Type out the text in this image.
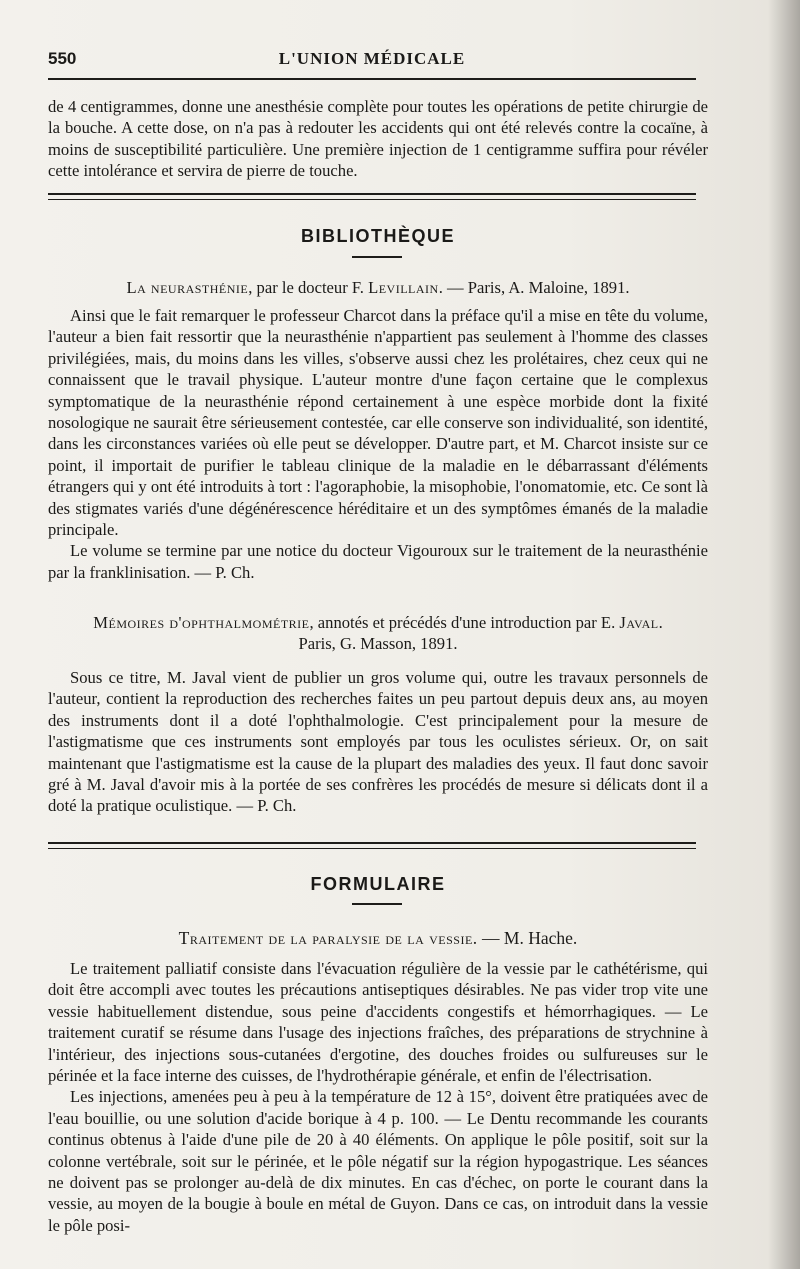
550	L'UNION MÉDICALE

de 4 centigrammes, donne une anesthésie complète pour toutes les opérations de petite chirurgie de la bouche. A cette dose, on n'a pas à redouter les accidents qui ont été relevés contre la cocaïne, à moins de susceptibilité particulière. Une première injection de 1 centigramme suffira pour révéler cette intolérance et servira de pierre de touche.

BIBLIOTHÈQUE
La neurasthénie, par le docteur F. Levillain. — Paris, A. Maloine, 1891.

Ainsi que le fait remarquer le professeur Charcot dans la préface qu'il a mise en tête du volume, l'auteur a bien fait ressortir que la neurasthénie n'appartient pas seulement à l'homme des classes privilégiées, mais, du moins dans les villes, s'observe aussi chez les prolétaires, chez ceux qui ne connaissent que le travail physique. L'auteur montre d'une façon certaine que le complexus symptomatique de la neurasthénie répond certainement à une espèce morbide dont la fixité nosologique ne saurait être sérieusement contestée, car elle conserve son individualité, son identité, dans les circonstances variées où elle peut se développer. D'autre part, et M. Charcot insiste sur ce point, il importait de purifier le tableau clinique de la maladie en le débarrassant d'éléments étrangers qui y ont été introduits à tort : l'agoraphobie, la misophobie, l'onomatomie, etc. Ce sont là des stigmates variés d'une dégénérescence héréditaire et un des symptômes émanés de la maladie principale.

Le volume se termine par une notice du docteur Vigouroux sur le traitement de la neurasthénie par la franklinisation. — P. Ch.

Mémoires d'ophthalmométrie, annotés et précédés d'une introduction par E. Javal.
Paris, G. Masson, 1891.

Sous ce titre, M. Javal vient de publier un gros volume qui, outre les travaux personnels de l'auteur, contient la reproduction des recherches faites un peu partout depuis deux ans, au moyen des instruments dont il a doté l'ophthalmologie. C'est principalement pour la mesure de l'astigmatisme que ces instruments sont employés par tous les oculistes sérieux. Or, on sait maintenant que l'astigmatisme est la cause de la plupart des maladies des yeux. Il faut donc savoir gré à M. Javal d'avoir mis à la portée de ses confrères les procédés de mesure si délicats dont il a doté la pratique oculistique. — P. Ch.

FORMULAIRE
Traitement de la paralysie de la vessie. — M. Hache.

Le traitement palliatif consiste dans l'évacuation régulière de la vessie par le cathétérisme, qui doit être accompli avec toutes les précautions antiseptiques désirables. Ne pas vider trop vite une vessie habituellement distendue, sous peine d'accidents congestifs et hémorrhagiques. — Le traitement curatif se résume dans l'usage des injections fraîches, des préparations de strychnine à l'intérieur, des injections sous-cutanées d'ergotine, des douches froides ou sulfureuses sur le périnée et la face interne des cuisses, de l'hydrothérapie générale, et enfin de l'électrisation.

Les injections, amenées peu à peu à la température de 12 à 15°, doivent être pratiquées avec de l'eau bouillie, ou une solution d'acide borique à 4 p. 100. — Le Dentu recommande les courants continus obtenus à l'aide d'une pile de 20 à 40 éléments. On applique le pôle positif, soit sur la colonne vertébrale, soit sur le périnée, et le pôle négatif sur la région hypogastrique. Les séances ne doivent pas se prolonger au-delà de dix minutes. En cas d'échec, on porte le courant dans la vessie, au moyen de la bougie à boule en métal de Guyon. Dans ce cas, on introduit dans la vessie le pôle posi-
